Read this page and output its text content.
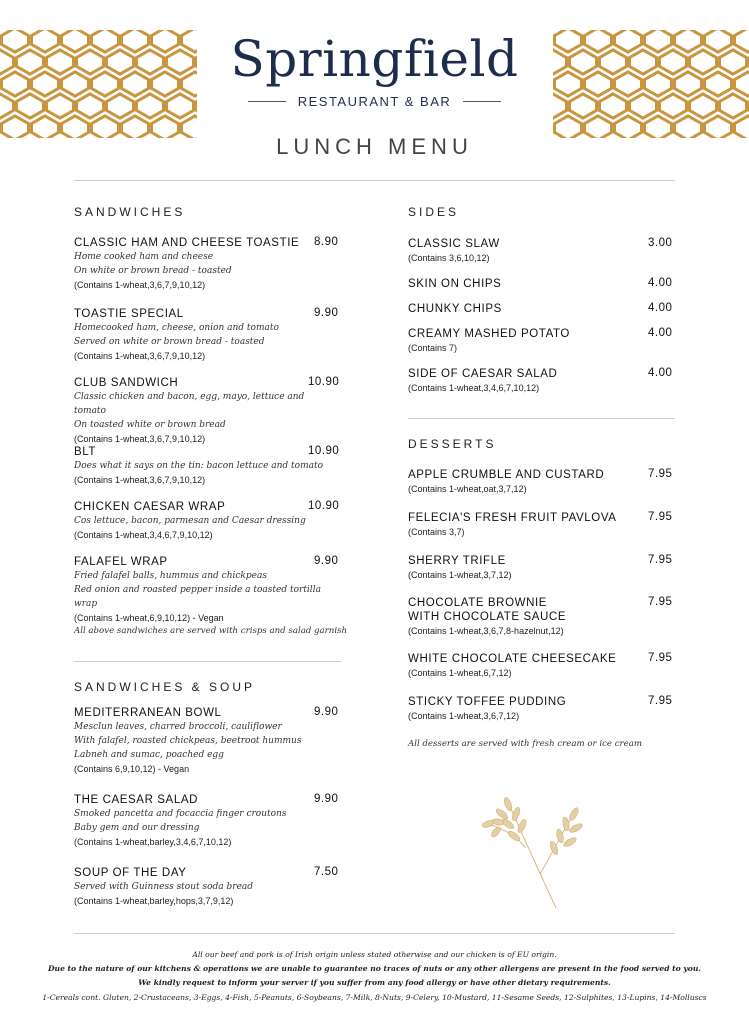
Springfield
RESTAURANT & BAR
LUNCH MENU
SANDWICHES
CLASSIC HAM AND CHEESE TOASTIE	8.90
Home cooked ham and cheese
On white or brown bread - toasted
(Contains 1-wheat,3,6,7,9,10,12)
TOASTIE SPECIAL	9.90
Homecooked ham, cheese, onion and tomato
Served on white or brown bread - toasted
(Contains 1-wheat,3,6,7,9,10,12)
CLUB SANDWICH	10.90
Classic chicken and bacon, egg, mayo, lettuce and tomato
On toasted white or brown bread
(Contains 1-wheat,3,6,7,9,10,12)
BLT	10.90
Does what it says on the tin: bacon lettuce and tomato
(Contains 1-wheat,3,6,7,9,10,12)
CHICKEN CAESAR WRAP	10.90
Cos lettuce, bacon, parmesan and Caesar dressing
(Contains 1-wheat,3,4,6,7,9,10,12)
FALAFEL WRAP	9.90
Fried falafel balls, hummus and chickpeas
Red onion and roasted pepper inside a toasted tortilla wrap
(Contains 1-wheat,6,9,10,12) - Vegan
All above sandwiches are served with crisps and salad garnish
SANDWICHES & SOUP
MEDITERRANEAN BOWL	9.90
Mesclun leaves, charred broccoli, cauliflower
With falafel, roasted chickpeas, beetroot hummus
Labneh and sumac, poached egg
(Contains 6,9,10,12) - Vegan
THE CAESAR SALAD	9.90
Smoked pancetta and focaccia finger croutons
Baby gem and our dressing
(Contains 1-wheat,barley,3,4,6,7,10,12)
SOUP OF THE DAY	7.50
Served with Guinness stout soda bread
(Contains 1-wheat,barley,hops,3,7,9,12)
SIDES
CLASSIC SLAW	3.00
(Contains 3,6,10,12)
SKIN ON CHIPS	4.00
CHUNKY CHIPS	4.00
CREAMY MASHED POTATO	4.00
(Contains 7)
SIDE OF CAESAR SALAD	4.00
(Contains 1-wheat,3,4,6,7,10,12)
DESSERTS
APPLE CRUMBLE AND CUSTARD	7.95
(Contains 1-wheat,oat,3,7,12)
FELECIA'S FRESH FRUIT PAVLOVA	7.95
(Contains 3,7)
SHERRY TRIFLE	7.95
(Contains 1-wheat,3,7,12)
CHOCOLATE BROWNIE
WITH CHOCOLATE SAUCE
7.95
(Contains 1-wheat,3,6,7,8-hazelnut,12)
WHITE CHOCOLATE CHEESECAKE	7.95
(Contains 1-wheat,6,7,12)
STICKY TOFFEE PUDDING	7.95
(Contains 1-wheat,3,6,7,12)
All desserts are served with fresh cream or ice cream
All our beef and pork is of Irish origin unless stated otherwise and our chicken is of EU origin.
Due to the nature of our kitchens & operations we are unable to guarantee no traces of nuts or any other allergens are present in the food served to you.
We kindly request to inform your server if you suffer from any food allergy or have other dietary requirements.
1-Cereals cont. Gluten, 2-Crustaceans, 3-Eggs, 4-Fish, 5-Peanuts, 6-Soybeans, 7-Milk, 8-Nuts, 9-Celery, 10-Mustard, 11-Sesame Seeds, 12-Sulphites, 13-Lupins, 14-Molluscs
